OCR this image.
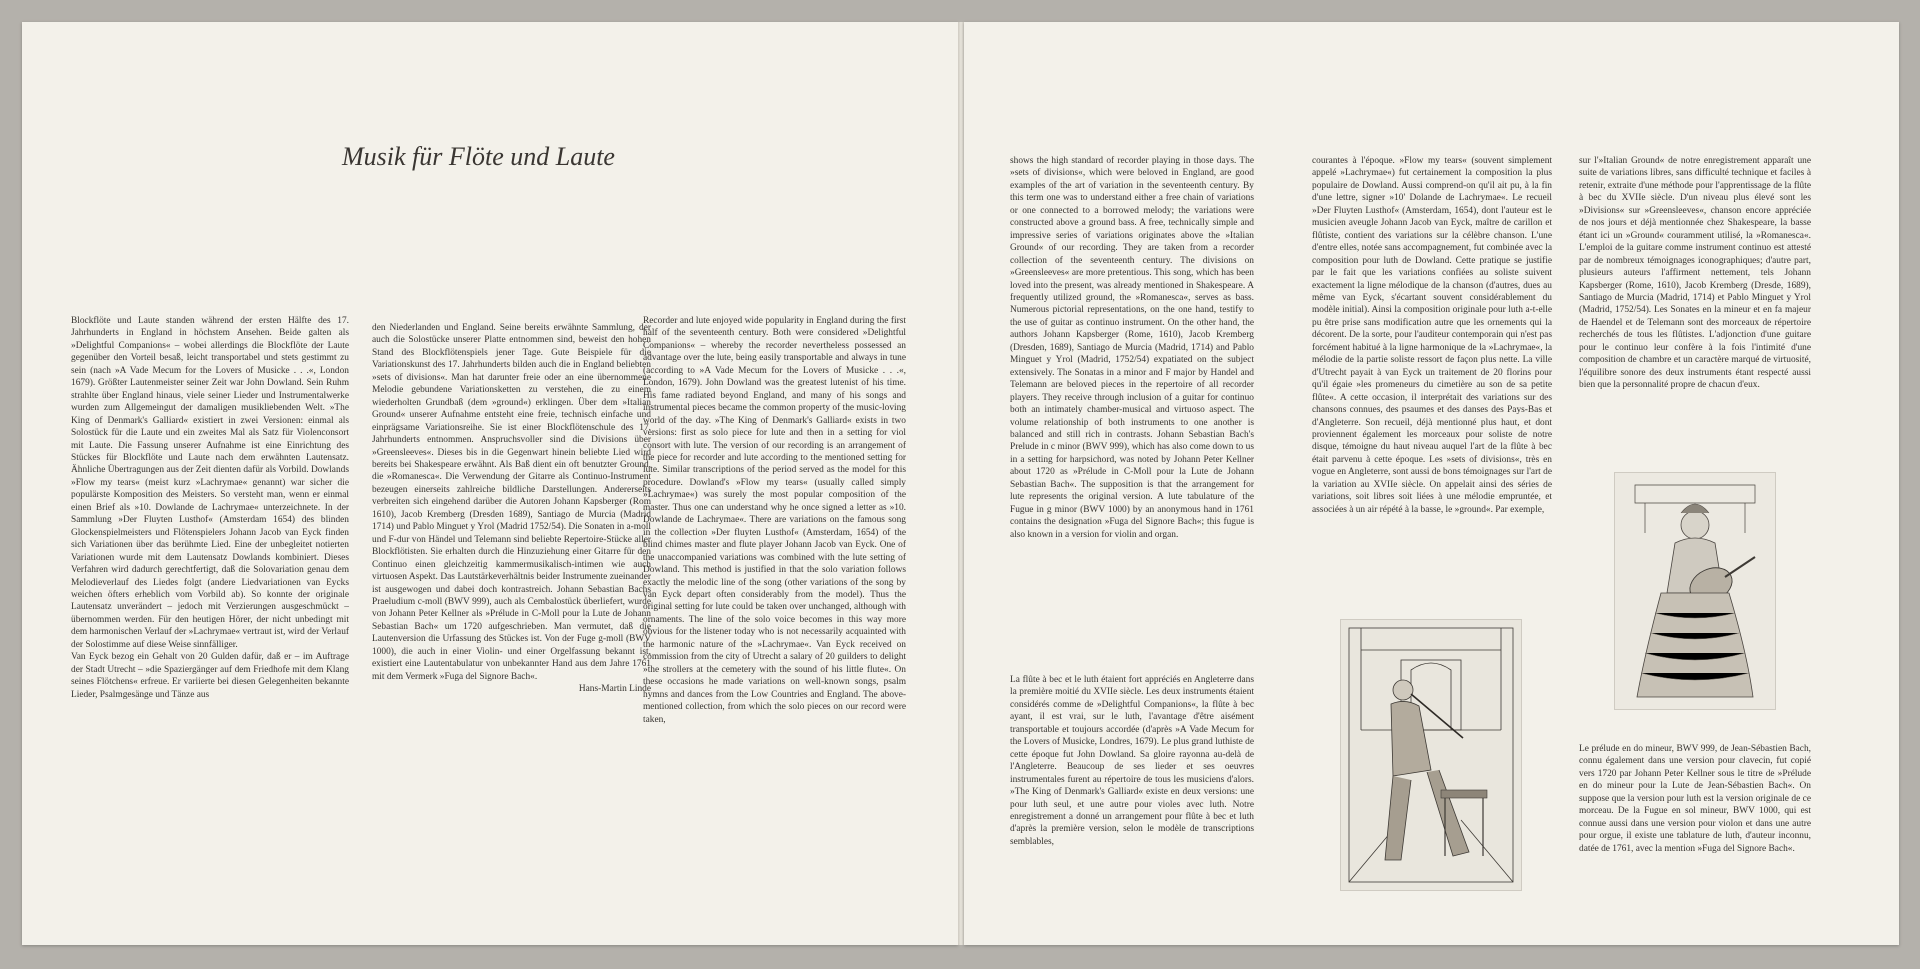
Musik für Flöte und Laute

Blockflöte und Laute standen während der ersten Hälfte des 17. Jahrhunderts in England in höchstem Ansehen. Beide galten als »Delightful Companions« – wobei allerdings die Blockflöte der Laute gegenüber den Vorteil besaß, leicht transportabel und stets gestimmt zu sein (nach »A Vade Mecum for the Lovers of Musicke . . .«, London 1679). Größter Lautenmeister seiner Zeit war John Dowland. Sein Ruhm strahlte über England hinaus, viele seiner Lieder und Instrumentalwerke wurden zum Allgemeingut der damaligen musikliebenden Welt. »The King of Denmark's Galliard« existiert in zwei Versionen: einmal als Solostück für die Laute und ein zweites Mal als Satz für Violenconsort mit Laute. Die Fassung unserer Aufnahme ist eine Einrichtung des Stückes für Blockflöte und Laute nach dem erwähnten Lautensatz. Ähnliche Übertragungen aus der Zeit dienten dafür als Vorbild. Dowlands »Flow my tears« (meist kurz »Lachrymae« genannt) war sicher die populärste Komposition des Meisters. So versteht man, wenn er einmal einen Brief als »10. Dowlande de Lachrymae« unterzeichnete. In der Sammlung »Der Fluyten Lusthof« (Amsterdam 1654) des blinden Glockenspielmeisters und Flötenspielers Johann Jacob van Eyck finden sich Variationen über das berühmte Lied. Eine der unbegleitet notierten Variationen wurde mit dem Lautensatz Dowlands kombiniert. Dieses Verfahren wird dadurch gerechtfertigt, daß die Solovariation genau dem Melodieverlauf des Liedes folgt (andere Liedvariationen van Eycks weichen öfters erheblich vom Vorbild ab). So konnte der originale Lautensatz unverändert – jedoch mit Verzierungen ausgeschmückt – übernommen werden. Für den heutigen Hörer, der nicht unbedingt mit dem harmonischen Verlauf der »Lachrymae« vertraut ist, wird der Verlauf der Solostimme auf diese Weise sinnfälliger.

Van Eyck bezog ein Gehalt von 20 Gulden dafür, daß er – im Auftrage der Stadt Utrecht – »die Spaziergänger auf dem Friedhofe mit dem Klang seines Flötchens« erfreue. Er variierte bei diesen Gelegenheiten bekannte Lieder, Psalmgesänge und Tänze aus

den Niederlanden und England. Seine bereits erwähnte Sammlung, der auch die Solostücke unserer Platte entnommen sind, beweist den hohen Stand des Blockflötenspiels jener Tage. Gute Beispiele für die Variationskunst des 17. Jahrhunderts bilden auch die in England beliebten »sets of divisions«. Man hat darunter freie oder an eine übernommene Melodie gebundene Variationsketten zu verstehen, die zu einem wiederholten Grundbaß (dem »ground«) erklingen. Über dem »Italian Ground« unserer Aufnahme entsteht eine freie, technisch einfache und einprägsame Variationsreihe. Sie ist einer Blockflötenschule des 17. Jahrhunderts entnommen. Anspruchsvoller sind die Divisions über »Greensleeves«. Dieses bis in die Gegenwart hinein beliebte Lied wird bereits bei Shakespeare erwähnt. Als Baß dient ein oft benutzter Ground, die »Romanesca«. Die Verwendung der Gitarre als Continuo-Instrument bezeugen einerseits zahlreiche bildliche Darstellungen. Andererseits verbreiten sich eingehend darüber die Autoren Johann Kapsberger (Rom 1610), Jacob Kremberg (Dresden 1689), Santiago de Murcia (Madrid 1714) und Pablo Minguet y Yrol (Madrid 1752/54). Die Sonaten in a-moll und F-dur von Händel und Telemann sind beliebte Repertoire-Stücke aller Blockflötisten. Sie erhalten durch die Hinzuziehung einer Gitarre für den Continuo einen gleichzeitig kammermusikalisch-intimen wie auch virtuosen Aspekt. Das Lautstärkeverhältnis beider Instrumente zueinander ist ausgewogen und dabei doch kontrastreich. Johann Sebastian Bachs Praeludium c-moll (BWV 999), auch als Cembalostück überliefert, wurde von Johann Peter Kellner als »Prélude in C-Moll pour la Lute de Johann Sebastian Bach« um 1720 aufgeschrieben. Man vermutet, daß die Lautenversion die Urfassung des Stückes ist. Von der Fuge g-moll (BWV 1000), die auch in einer Violin- und einer Orgelfassung bekannt ist, existiert eine Lautentabulatur von unbekannter Hand aus dem Jahre 1761 mit dem Vermerk »Fuga del Signore Bach«.

Hans-Martin Linde

Recorder and lute enjoyed wide popularity in England during the first half of the seventeenth century. Both were considered »Delightful Companions« – whereby the recorder nevertheless possessed an advantage over the lute, being easily transportable and always in tune (according to »A Vade Mecum for the Lovers of Musicke . . .«, London, 1679). John Dowland was the greatest lutenist of his time. His fame radiated beyond England, and many of his songs and instrumental pieces became the common property of the music-loving world of the day. »The King of Denmark's Galliard« exists in two versions: first as solo piece for lute and then in a setting for viol consort with lute. The version of our recording is an arrangement of the piece for recorder and lute according to the mentioned setting for lute. Similar transcriptions of the period served as the model for this procedure. Dowland's »Flow my tears« (usually called simply »Lachrymae«) was surely the most popular composition of the master. Thus one can understand why he once signed a letter as »10. Dowlande de Lachrymae«. There are variations on the famous song in the collection »Der fluyten Lusthof« (Amsterdam, 1654) of the blind chimes master and flute player Johann Jacob van Eyck. One of the unaccompanied variations was combined with the lute setting of Dowland. This method is justified in that the solo variation follows exactly the melodic line of the song (other variations of the song by van Eyck depart often considerably from the model). Thus the original setting for lute could be taken over unchanged, although with ornaments. The line of the solo voice becomes in this way more obvious for the listener today who is not necessarily acquainted with the harmonic nature of the »Lachrymae«. Van Eyck received on commission from the city of Utrecht a salary of 20 guilders to delight »the strollers at the cemetery with the sound of his little flute«. On these occasions he made variations on well-known songs, psalm hymns and dances from the Low Countries and England. The above-mentioned collection, from which the solo pieces on our record were taken,

shows the high standard of recorder playing in those days. The »sets of divisions«, which were beloved in England, are good examples of the art of variation in the seventeenth century. By this term one was to understand either a free chain of variations or one connected to a borrowed melody; the variations were constructed above a ground bass. A free, technically simple and impressive series of variations originates above the »Italian Ground« of our recording. They are taken from a recorder collection of the seventeenth century. The divisions on »Greensleeves« are more pretentious. This song, which has been loved into the present, was already mentioned in Shakespeare. A frequently utilized ground, the »Romanesca«, serves as bass. Numerous pictorial representations, on the one hand, testify to the use of guitar as continuo instrument. On the other hand, the authors Johann Kapsberger (Rome, 1610), Jacob Kremberg (Dresden, 1689), Santiago de Murcia (Madrid, 1714) and Pablo Minguet y Yrol (Madrid, 1752/54) expatiated on the subject extensively. The Sonatas in a minor and F major by Handel and Telemann are beloved pieces in the repertoire of all recorder players. They receive through inclusion of a guitar for continuo both an intimately chamber-musical and virtuoso aspect. The volume relationship of both instruments to one another is balanced and still rich in contrasts. Johann Sebastian Bach's Prelude in c minor (BWV 999), which has also come down to us in a setting for harpsichord, was noted by Johann Peter Kellner about 1720 as »Prélude in C-Moll pour la Lute de Johann Sebastian Bach«. The supposition is that the arrangement for lute represents the original version. A lute tabulature of the Fugue in g minor (BWV 1000) by an anonymous hand in 1761 contains the designation »Fuga del Signore Bach«; this fugue is also known in a version for violin and organ.

La flûte à bec et le luth étaient fort appréciés en Angleterre dans la première moitié du XVIIe siècle. Les deux instruments étaient considérés comme de »Delightful Companions«, la flûte à bec ayant, il est vrai, sur le luth, l'avantage d'être aisément transportable et toujours accordée (d'après »A Vade Mecum for the Lovers of Musicke, Londres, 1679). Le plus grand luthiste de cette époque fut John Dowland. Sa gloire rayonna au-delà de l'Angleterre. Beaucoup de ses lieder et ses oeuvres instrumentales furent au répertoire de tous les musiciens d'alors. »The King of Denmark's Galliard« existe en deux versions: une pour luth seul, et une autre pour violes avec luth. Notre enregistrement a donné un arrangement pour flûte à bec et luth d'après la première version, selon le modèle de transcriptions semblables,

courantes à l'époque. »Flow my tears« (souvent simplement appelé »Lachrymae«) fut certainement la composition la plus populaire de Dowland. Aussi comprend-on qu'il ait pu, à la fin d'une lettre, signer »10' Dolande de Lachrymae«. Le recueil »Der Fluyten Lusthof« (Amsterdam, 1654), dont l'auteur est le musicien aveugle Johann Jacob van Eyck, maître de carillon et flûtiste, contient des variations sur la célèbre chanson. L'une d'entre elles, notée sans accompagnement, fut combinée avec la composition pour luth de Dowland. Cette pratique se justifie par le fait que les variations confiées au soliste suivent exactement la ligne mélodique de la chanson (d'autres, dues au même van Eyck, s'écartant souvent considérablement du modèle initial). Ainsi la composition originale pour luth a-t-elle pu être prise sans modification autre que les ornements qui la décorent. De la sorte, pour l'auditeur contemporain qui n'est pas forcément habitué à la ligne harmonique de la »Lachrymae«, la mélodie de la partie soliste ressort de façon plus nette. La ville d'Utrecht payait à van Eyck un traitement de 20 florins pour qu'il égaie »les promeneurs du cimetière au son de sa petite flûte«. A cette occasion, il interprétait des variations sur des chansons connues, des psaumes et des danses des Pays-Bas et d'Angleterre. Son recueil, déjà mentionné plus haut, et dont proviennent également les morceaux pour soliste de notre disque, témoigne du haut niveau auquel l'art de la flûte à bec était parvenu à cette époque. Les »sets of divisions«, très en vogue en Angleterre, sont aussi de bons témoignages sur l'art de la variation au XVIIe siècle. On appelait ainsi des séries de variations, soit libres soit liées à une mélodie empruntée, et associées à un air répété à la basse, le »ground«. Par exemple,

sur l'»Italian Ground« de notre enregistrement apparaît une suite de variations libres, sans difficulté technique et faciles à retenir, extraite d'une méthode pour l'apprentissage de la flûte à bec du XVIIe siècle. D'un niveau plus élevé sont les »Divisions« sur »Greensleeves«, chanson encore appréciée de nos jours et déjà mentionnée chez Shakespeare, la basse étant ici un »Ground« couramment utilisé, la »Romanesca«. L'emploi de la guitare comme instrument continuo est attesté par de nombreux témoignages iconographiques; d'autre part, plusieurs auteurs l'affirment nettement, tels Johann Kapsberger (Rome, 1610), Jacob Kremberg (Dresde, 1689), Santiago de Murcia (Madrid, 1714) et Pablo Minguet y Yrol (Madrid, 1752/54). Les Sonates en la mineur et en fa majeur de Haendel et de Telemann sont des morceaux de répertoire recherchés de tous les flûtistes. L'adjonction d'une guitare pour le continuo leur confère à la fois l'intimité d'une composition de chambre et un caractère marqué de virtuosité, l'équilibre sonore des deux instruments étant respecté aussi bien que la personnalité propre de chacun d'eux.

Le prélude en do mineur, BWV 999, de Jean-Sébastien Bach, connu également dans une version pour clavecin, fut copié vers 1720 par Johann Peter Kellner sous le titre de »Prélude en do mineur pour la Lute de Jean-Sébastien Bach«. On suppose que la version pour luth est la version originale de ce morceau. De la Fugue en sol mineur, BWV 1000, qui est connue aussi dans une version pour violon et dans une autre pour orgue, il existe une tablature de luth, d'auteur inconnu, datée de 1761, avec la mention »Fuga del Signore Bach«.
